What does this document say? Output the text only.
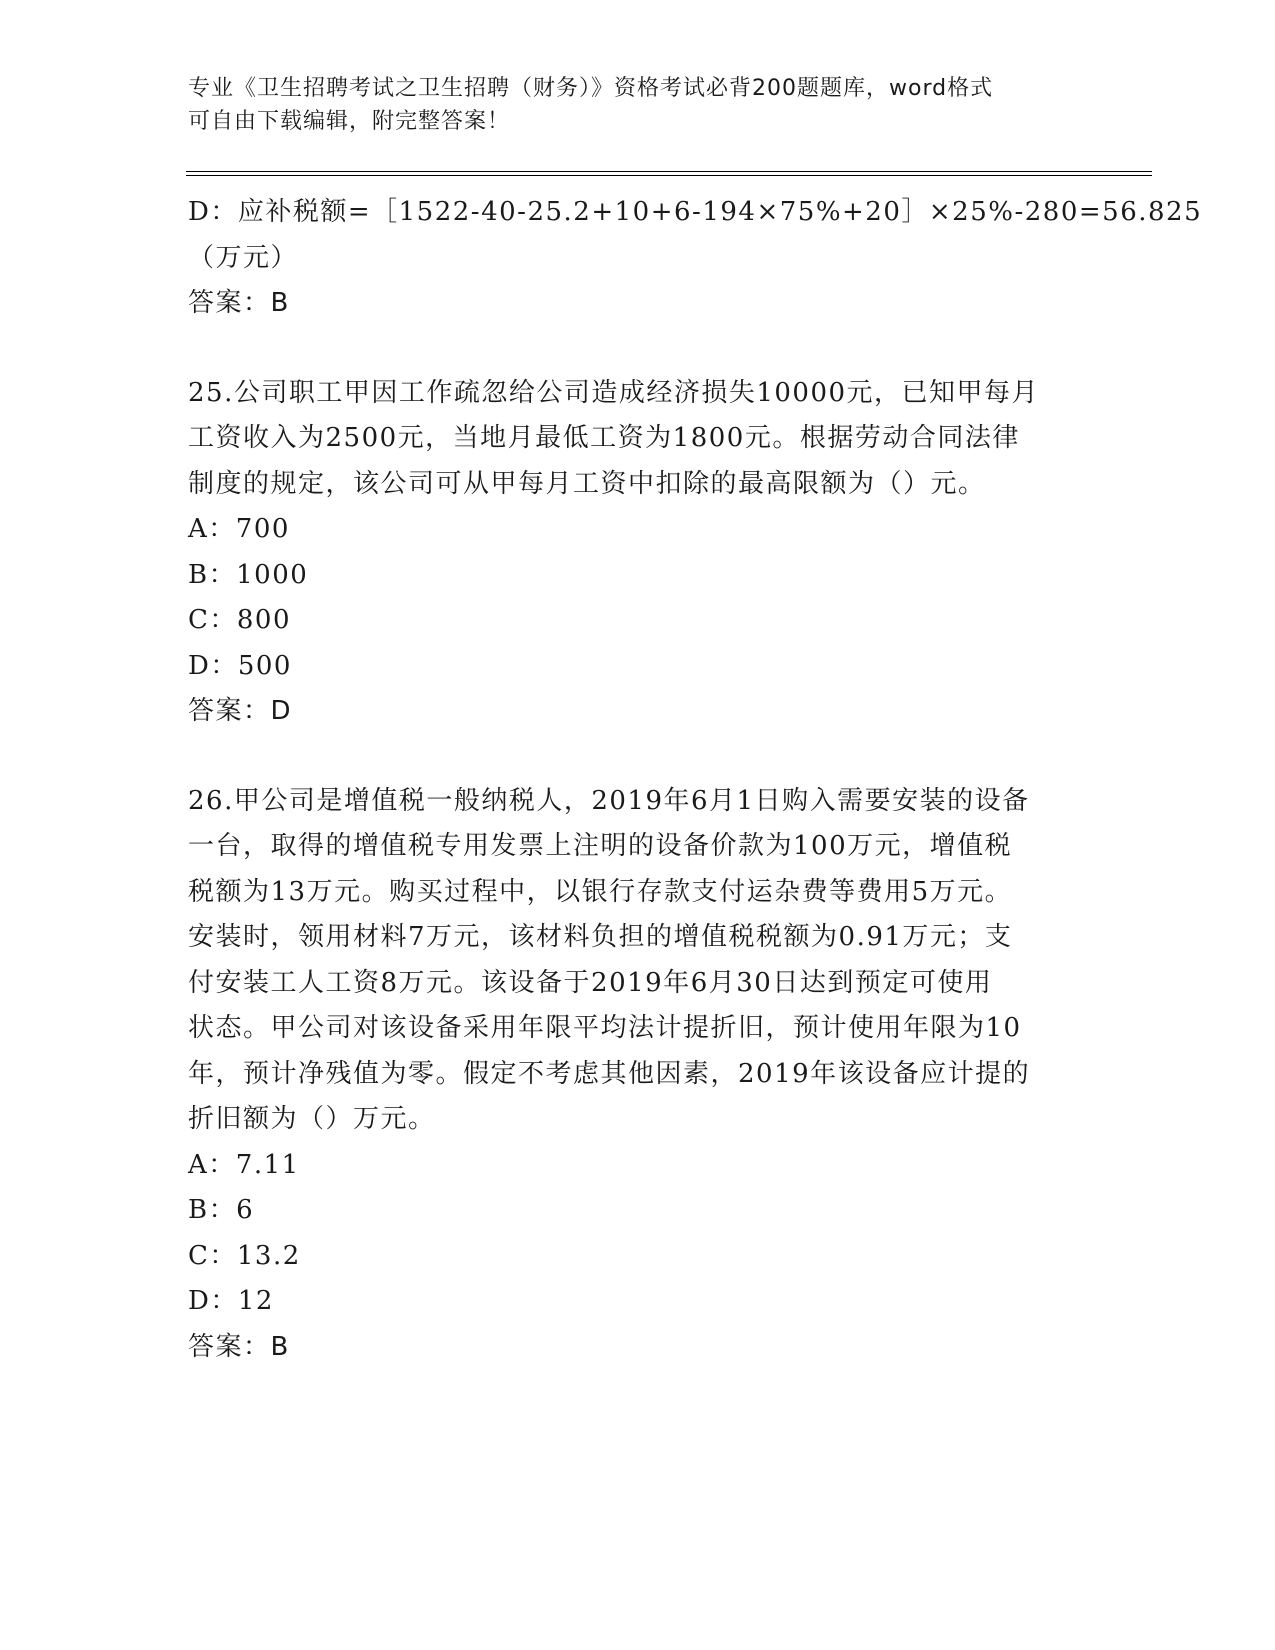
专业《卫生招聘考试之卫生招聘（财务）》资格考试必背200题题库，word格式
可自由下载编辑，附完整答案！
D：应补税额=［1522-40-25.2+10+6-194×75%+20］×25%-280=56.825
（万元）
答案：B
25.公司职工甲因工作疏忽给公司造成经济损失10000元，已知甲每月
工资收入为2500元，当地月最低工资为1800元。根据劳动合同法律
制度的规定，该公司可从甲每月工资中扣除的最高限额为（）元。
A：700
B：1000
C：800
D：500
答案：D
26.甲公司是增值税一般纳税人，2019年6月1日购入需要安装的设备
一台，取得的增值税专用发票上注明的设备价款为100万元，增值税
税额为13万元。购买过程中，以银行存款支付运杂费等费用5万元。
安装时，领用材料7万元，该材料负担的增值税税额为0.91万元；支
付安装工人工资8万元。该设备于2019年6月30日达到预定可使用
状态。甲公司对该设备采用年限平均法计提折旧，预计使用年限为10
年，预计净残值为零。假定不考虑其他因素，2019年该设备应计提的
折旧额为（）万元。
A：7.11
B：6
C：13.2
D：12
答案：B
